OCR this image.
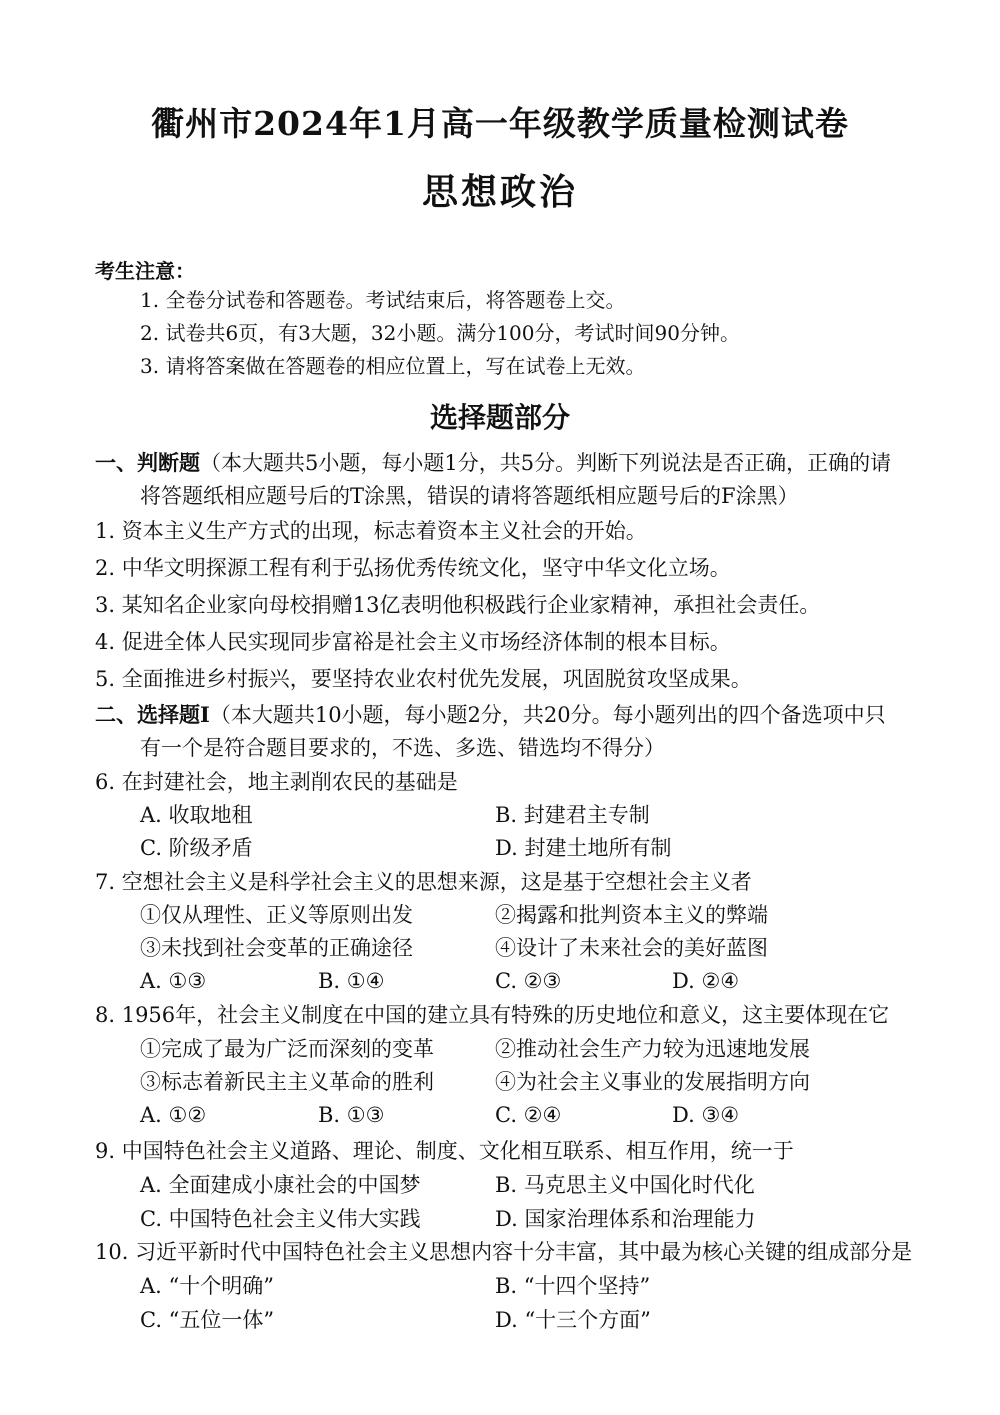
衢州市2024年1月高一年级教学质量检测试卷
思想政治
考生注意：
1. 全卷分试卷和答题卷。考试结束后，将答题卷上交。
2. 试卷共6页，有3大题，32小题。满分100分，考试时间90分钟。
3. 请将答案做在答题卷的相应位置上，写在试卷上无效。
选择题部分
一、判断题（本大题共5小题，每小题1分，共5分。判断下列说法是否正确，正确的请
将答题纸相应题号后的T涂黑，错误的请将答题纸相应题号后的F涂黑）
1. 资本主义生产方式的出现，标志着资本主义社会的开始。
2. 中华文明探源工程有利于弘扬优秀传统文化，坚守中华文化立场。
3. 某知名企业家向母校捐赠13亿表明他积极践行企业家精神，承担社会责任。
4. 促进全体人民实现同步富裕是社会主义市场经济体制的根本目标。
5. 全面推进乡村振兴，要坚持农业农村优先发展，巩固脱贫攻坚成果。
二、选择题Ⅰ（本大题共10小题，每小题2分，共20分。每小题列出的四个备选项中只
有一个是符合题目要求的，不选、多选、错选均不得分）
6. 在封建社会，地主剥削农民的基础是
A. 收取地租	B. 封建君主专制
C. 阶级矛盾	D. 封建土地所有制
7. 空想社会主义是科学社会主义的思想来源，这是基于空想社会主义者
①仅从理性、正义等原则出发	②揭露和批判资本主义的弊端
③未找到社会变革的正确途径	④设计了未来社会的美好蓝图
A. ①③	B. ①④	C. ②③	D. ②④
8. 1956年，社会主义制度在中国的建立具有特殊的历史地位和意义，这主要体现在它
①完成了最为广泛而深刻的变革	②推动社会生产力较为迅速地发展
③标志着新民主主义革命的胜利	④为社会主义事业的发展指明方向
A. ①②	B. ①③	C. ②④	D. ③④
9. 中国特色社会主义道路、理论、制度、文化相互联系、相互作用，统一于
A. 全面建成小康社会的中国梦	B. 马克思主义中国化时代化
C. 中国特色社会主义伟大实践	D. 国家治理体系和治理能力
10. 习近平新时代中国特色社会主义思想内容十分丰富，其中最为核心关键的组成部分是
A. “十个明确”	B. “十四个坚持”
C. “五位一体”	D. “十三个方面”
